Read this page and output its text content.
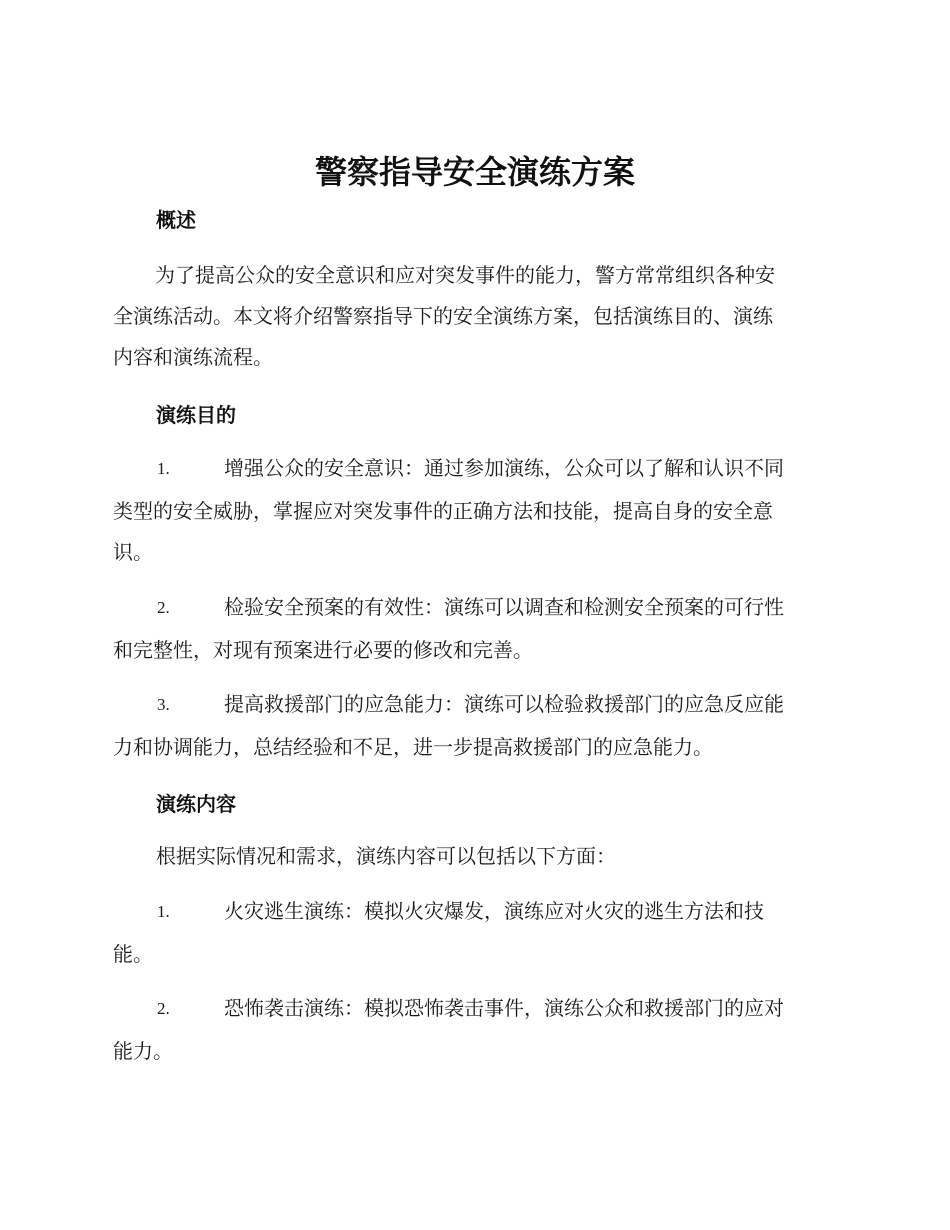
警察指导安全演练方案
概述
为了提高公众的安全意识和应对突发事件的能力，警方常常组织各种安
全演练活动。本文将介绍警察指导下的安全演练方案，包括演练目的、演练
内容和演练流程。
演练目的
1.	增强公众的安全意识：通过参加演练，公众可以了解和认识不同
类型的安全威胁，掌握应对突发事件的正确方法和技能，提高自身的安全意
识。
2.	检验安全预案的有效性：演练可以调查和检测安全预案的可行性
和完整性，对现有预案进行必要的修改和完善。
3.	提高救援部门的应急能力：演练可以检验救援部门的应急反应能
力和协调能力，总结经验和不足，进一步提高救援部门的应急能力。
演练内容
根据实际情况和需求，演练内容可以包括以下方面：
1.	火灾逃生演练：模拟火灾爆发，演练应对火灾的逃生方法和技
能。
2.	恐怖袭击演练：模拟恐怖袭击事件，演练公众和救援部门的应对
能力。
